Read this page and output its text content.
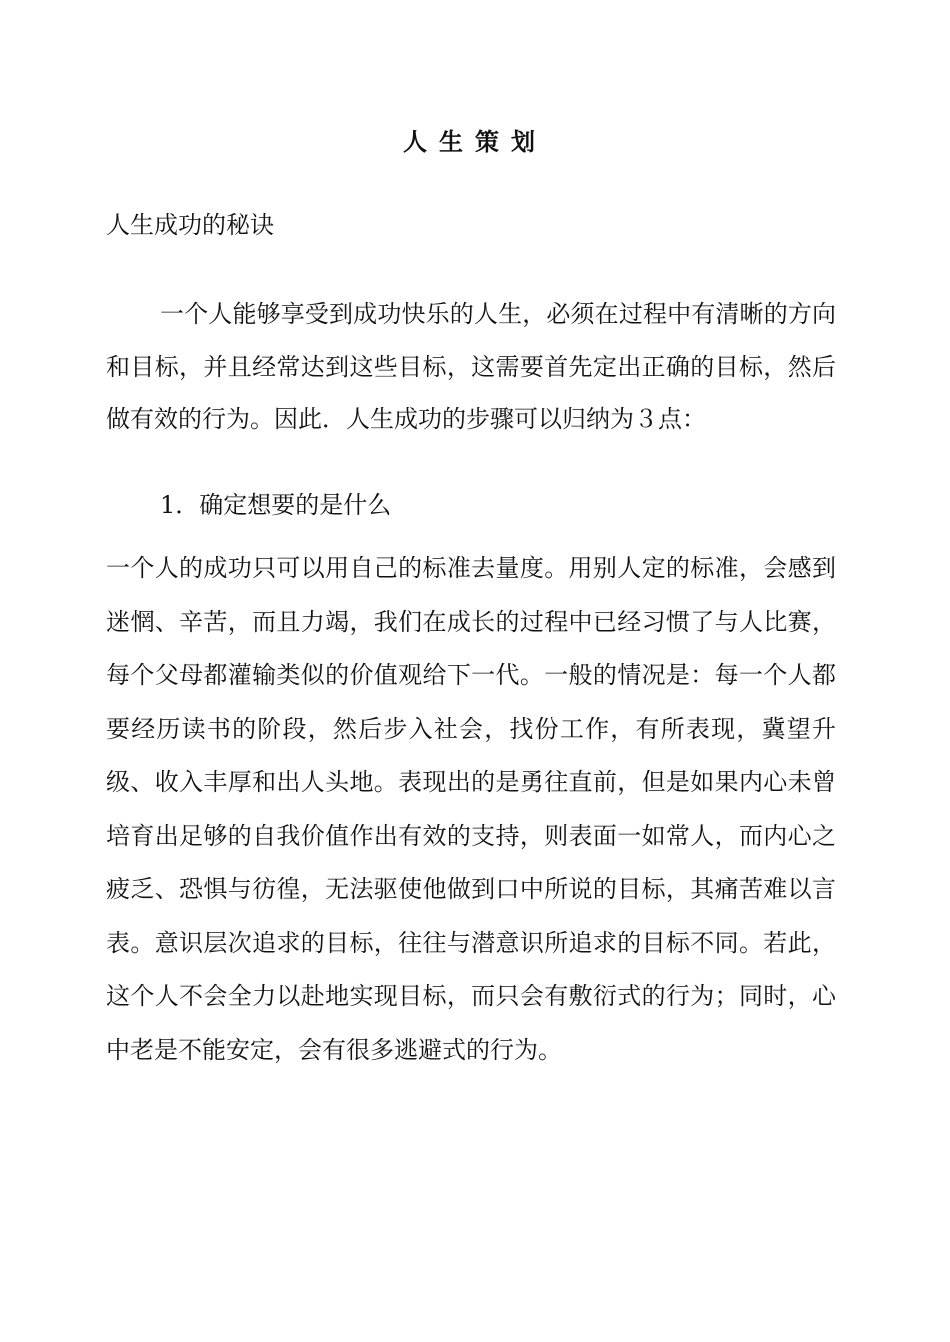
人生策划
人生成功的秘诀
一个人能够享受到成功快乐的人生，必须在过程中有清晰的方向和目标，并且经常达到这些目标，这需要首先定出正确的目标，然后做有效的行为。因此．人生成功的步骤可以归纳为３点：
1．确定想要的是什么
一个人的成功只可以用自己的标准去量度。用别人定的标准，会感到迷惘、辛苦，而且力竭，我们在成长的过程中已经习惯了与人比赛，每个父母都灌输类似的价值观给下一代。一般的情况是：每一个人都要经历读书的阶段，然后步入社会，找份工作，有所表现，冀望升级、收入丰厚和出人头地。表现出的是勇往直前，但是如果内心未曾培育出足够的自我价值作出有效的支持，则表面一如常人，而内心之疲乏、恐惧与彷徨，无法驱使他做到口中所说的目标，其痛苦难以言表。意识层次追求的目标，往往与潜意识所追求的目标不同。若此，这个人不会全力以赴地实现目标，而只会有敷衍式的行为；同时，心中老是不能安定，会有很多逃避式的行为。
